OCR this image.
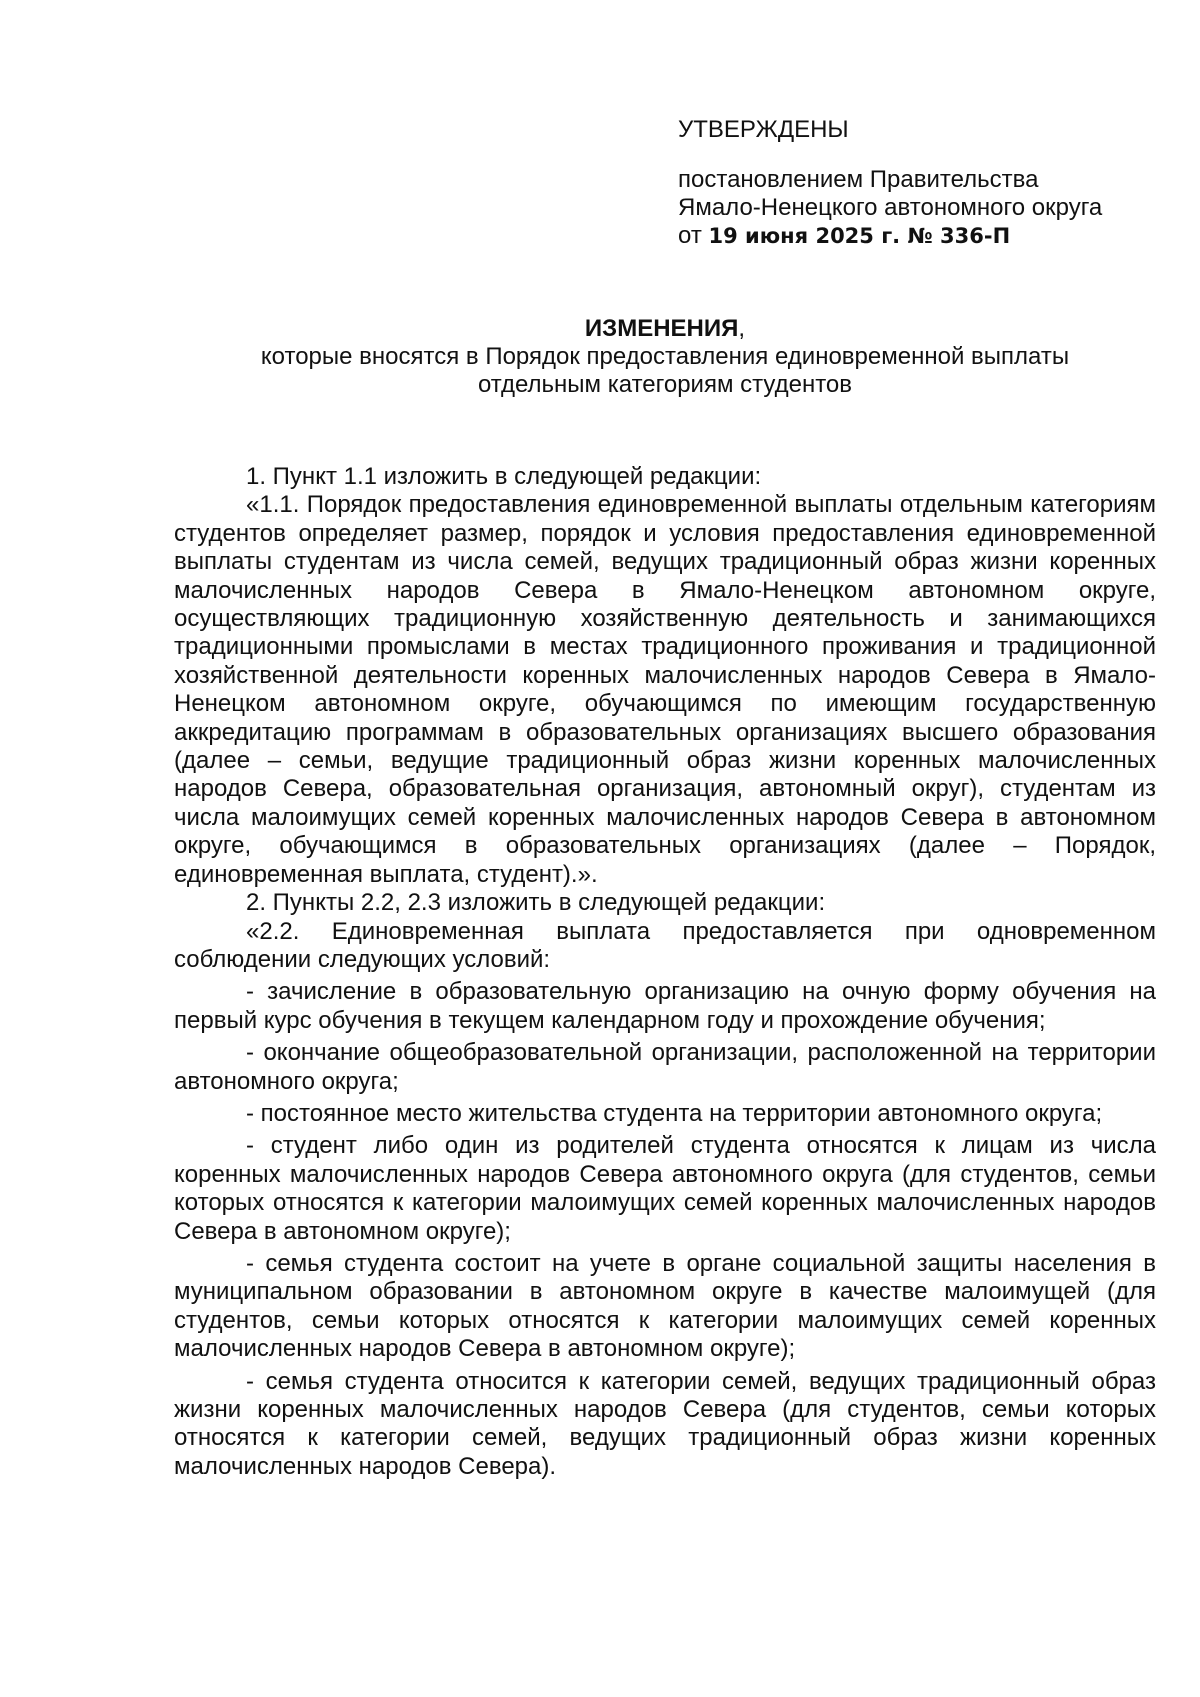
УТВЕРЖДЕНЫ
постановлением Правительства
Ямало-Ненецкого автономного округа
от 19 июня 2025 г. № 336-П
ИЗМЕНЕНИЯ,
которые вносятся в Порядок предоставления единовременной выплаты
отдельным категориям студентов

1. Пункт 1.1 изложить в следующей редакции:

«1.1. Порядок предоставления единовременной выплаты отдельным категориям студентов определяет размер, порядок и условия предоставления единовременной выплаты студентам из числа семей, ведущих традиционный образ жизни коренных малочисленных народов Севера в Ямало-Ненецком автономном округе, осуществляющих традиционную хозяйственную деятельность и занимающихся традиционными промыслами в местах традиционного проживания и традиционной хозяйственной деятельности коренных малочисленных народов Севера в Ямало-Ненецком автономном округе, обучающимся по имеющим государственную аккредитацию программам в образовательных организациях высшего образования (далее – семьи, ведущие традиционный образ жизни коренных малочисленных народов Севера, образовательная организация, автономный округ), студентам из числа малоимущих семей коренных малочисленных народов Севера в автономном округе, обучающимся в образовательных организациях (далее – Порядок, единовременная выплата, студент).».

2. Пункты 2.2, 2.3 изложить в следующей редакции:

«2.2. Единовременная выплата предоставляется при одновременном соблюдении следующих условий:

- зачисление в образовательную организацию на очную форму обучения на первый курс обучения в текущем календарном году и прохождение обучения;

- окончание общеобразовательной организации, расположенной на территории автономного округа;

- постоянное место жительства студента на территории автономного округа;

- студент либо один из родителей студента относятся к лицам из числа коренных малочисленных народов Севера автономного округа (для студентов, семьи которых относятся к категории малоимущих семей коренных малочисленных народов Севера в автономном округе);

- семья студента состоит на учете в органе социальной защиты населения в муниципальном образовании в автономном округе в качестве малоимущей (для студентов, семьи которых относятся к категории малоимущих семей коренных малочисленных народов Севера в автономном округе);

- семья студента относится к категории семей, ведущих традиционный образ жизни коренных малочисленных народов Севера (для студентов, семьи которых относятся к категории семей, ведущих традиционный образ жизни коренных малочисленных народов Севера).
